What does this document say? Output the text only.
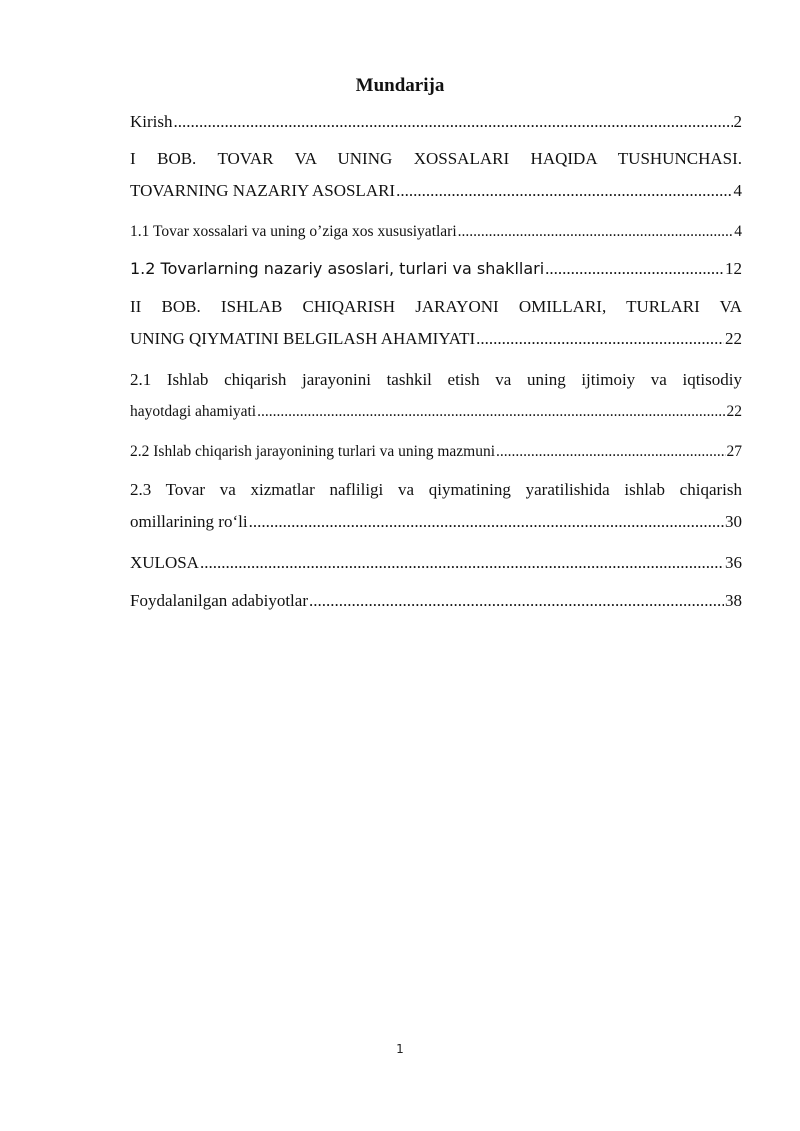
Mundarija
Kirish .....	2
I BOB. TOVAR VA UNING XOSSALARI HAQIDA TUSHUNCHASI.
TOVARNING NAZARIY ASOSLARI .....	4
1.1 Tovar xossalari va uning o’ziga xos xususiyatlari .....	4
1.2 Tovarlarning nazariy asoslari, turlari va shakllari .....	12
II BOB. ISHLAB CHIQARISH JARAYONI OMILLARI, TURLARI VA
UNING QIYMATINI BELGILASH AHAMIYATI .....	22
2.1 Ishlab chiqarish jarayonini tashkil etish va uning ijtimoiy va iqtisodiy
hayotdagi ahamiyati .....	22
2.2 Ishlab chiqarish jarayonining turlari va uning mazmuni .....	27
2.3 Tovar va xizmatlar nafliligi va qiymatining yaratilishida ishlab chiqarish
omillarining ro‘li .....	30
XULOSA .....	36
Foydalanilgan adabiyotlar .....	38
1
